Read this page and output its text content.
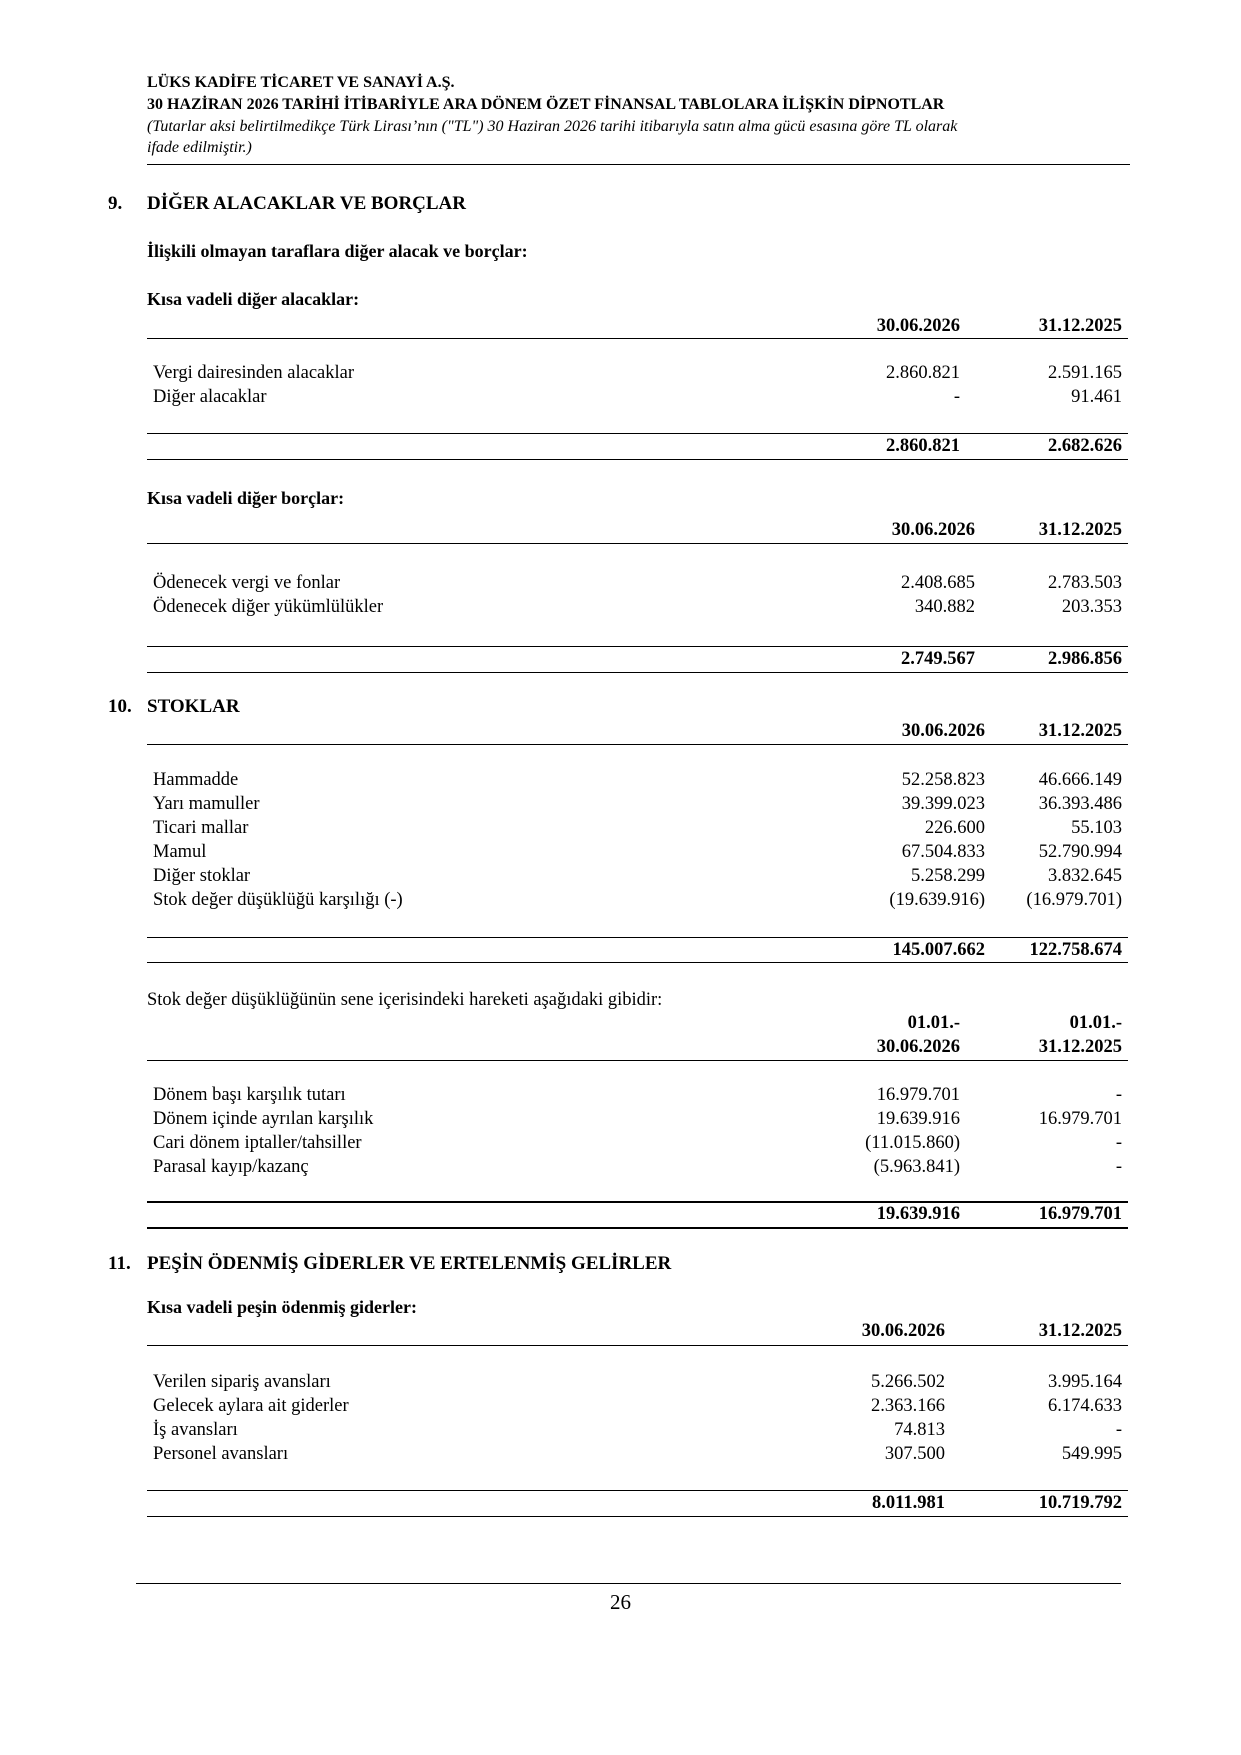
LÜKS KADİFE TİCARET VE SANAYİ A.Ş.
30 HAZİRAN 2026 TARİHİ İTİBARİYLE ARA DÖNEM ÖZET FİNANSAL TABLOLARA İLİŞKİN DİPNOTLAR
(Tutarlar aksi belirtilmedikçe Türk Lirası’nın ("TL") 30 Haziran 2026 tarihi itibarıyla satın alma gücü esasına göre TL olarak
ifade edilmiştir.)
9. DİĞER ALACAKLAR VE BORÇLAR
İlişkili olmayan taraflara diğer alacak ve borçlar:
Kısa vadeli diğer alacaklar:
30.06.2026	31.12.2025
Vergi dairesinden alacaklar	2.860.821	2.591.165
Diğer alacaklar	-	91.461
2.860.821	2.682.626
Kısa vadeli diğer borçlar:
30.06.2026	31.12.2025
Ödenecek vergi ve fonlar	2.408.685	2.783.503
Ödenecek diğer yükümlülükler	340.882	203.353
2.749.567	2.986.856
10. STOKLAR
30.06.2026	31.12.2025
Hammadde	52.258.823	46.666.149
Yarı mamuller	39.399.023	36.393.486
Ticari mallar	226.600	55.103
Mamul	67.504.833	52.790.994
Diğer stoklar	5.258.299	3.832.645
Stok değer düşüklüğü karşılığı (-)	(19.639.916)	(16.979.701)
145.007.662	122.758.674
Stok değer düşüklüğünün sene içerisindeki hareketi aşağıdaki gibidir:
01.01.-	01.01.-
30.06.2026	31.12.2025
Dönem başı karşılık tutarı	16.979.701	-
Dönem içinde ayrılan karşılık	19.639.916	16.979.701
Cari dönem iptaller/tahsiller	(11.015.860)	-
Parasal kayıp/kazanç	(5.963.841)	-
19.639.916	16.979.701
11. PEŞİN ÖDENMİŞ GİDERLER VE ERTELENMİŞ GELİRLER
Kısa vadeli peşin ödenmiş giderler:
30.06.2026	31.12.2025
Verilen sipariş avansları	5.266.502	3.995.164
Gelecek aylara ait giderler	2.363.166	6.174.633
İş avansları	74.813	-
Personel avansları	307.500	549.995
8.011.981	10.719.792
26
